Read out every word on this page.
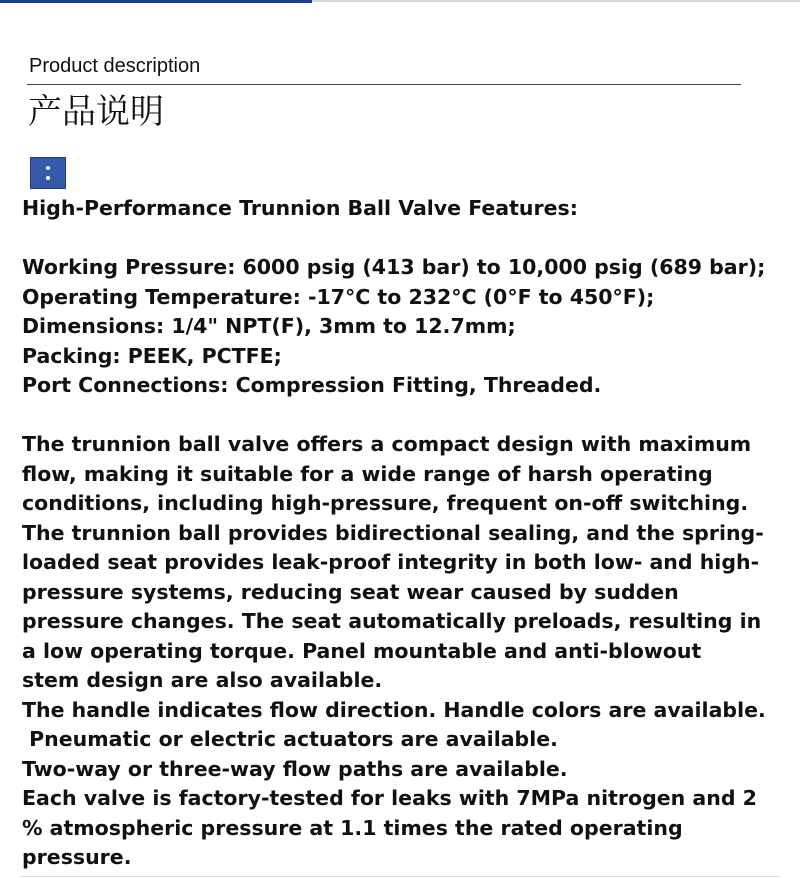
Product description
产品说明
High-Performance Trunnion Ball Valve Features:
Working Pressure: 6000 psig (413 bar) to 10,000 psig (689 bar);
Operating Temperature: -17°C to 232°C (0°F to 450°F);
Dimensions: 1/4" NPT(F), 3mm to 12.7mm;
Packing: PEEK, PCTFE;
Port Connections: Compression Fitting, Threaded.
The trunnion ball valve offers a compact design with maximum
flow, making it suitable for a wide range of harsh operating
conditions, including high-pressure, frequent on-off switching.
The trunnion ball provides bidirectional sealing, and the spring-
loaded seat provides leak-proof integrity in both low- and high-
pressure systems, reducing seat wear caused by sudden
pressure changes. The seat automatically preloads, resulting in
a low operating torque. Panel mountable and anti-blowout
stem design are also available.
The handle indicates flow direction. Handle colors are available.
Pneumatic or electric actuators are available.
Two-way or three-way flow paths are available.
Each valve is factory-tested for leaks with 7MPa nitrogen and 2
% atmospheric pressure at 1.1 times the rated operating
pressure.
